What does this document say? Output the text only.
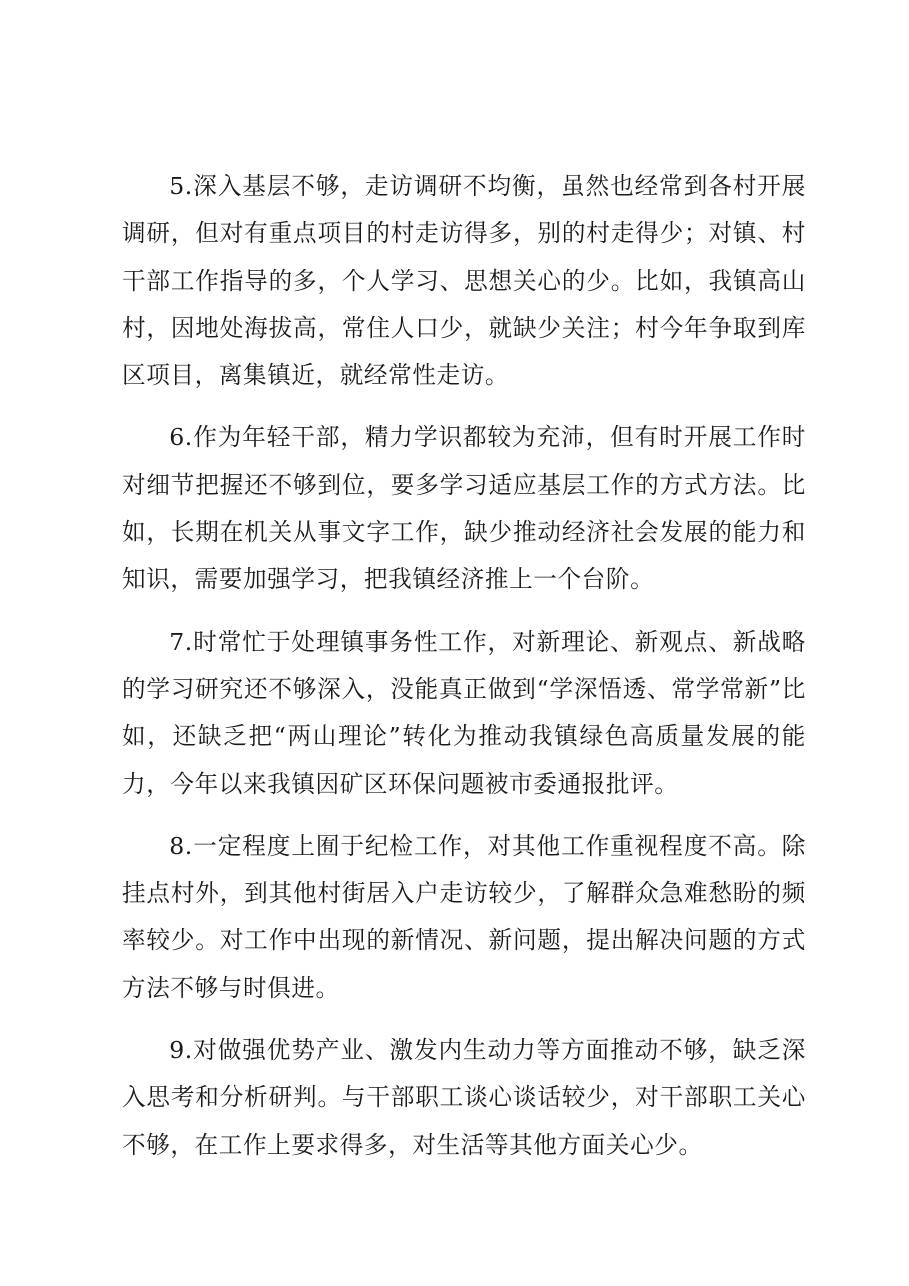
5.深入基层不够，走访调研不均衡，虽然也经常到各村开展调研，但对有重点项目的村走访得多，别的村走得少；对镇、村干部工作指导的多，个人学习、思想关心的少。比如，我镇高山村，因地处海拔高，常住人口少，就缺少关注；村今年争取到库区项目，离集镇近，就经常性走访。

6.作为年轻干部，精力学识都较为充沛，但有时开展工作时对细节把握还不够到位，要多学习适应基层工作的方式方法。比如，长期在机关从事文字工作，缺少推动经济社会发展的能力和知识，需要加强学习，把我镇经济推上一个台阶。

7.时常忙于处理镇事务性工作，对新理论、新观点、新战略的学习研究还不够深入，没能真正做到“学深悟透、常学常新”比如，还缺乏把“两山理论”转化为推动我镇绿色高质量发展的能力，今年以来我镇因矿区环保问题被市委通报批评。

8.一定程度上囿于纪检工作，对其他工作重视程度不高。除挂点村外，到其他村街居入户走访较少，了解群众急难愁盼的频率较少。对工作中出现的新情况、新问题，提出解决问题的方式方法不够与时俱进。

9.对做强优势产业、激发内生动力等方面推动不够，缺乏深入思考和分析研判。与干部职工谈心谈话较少，对干部职工关心不够，在工作上要求得多，对生活等其他方面关心少。
